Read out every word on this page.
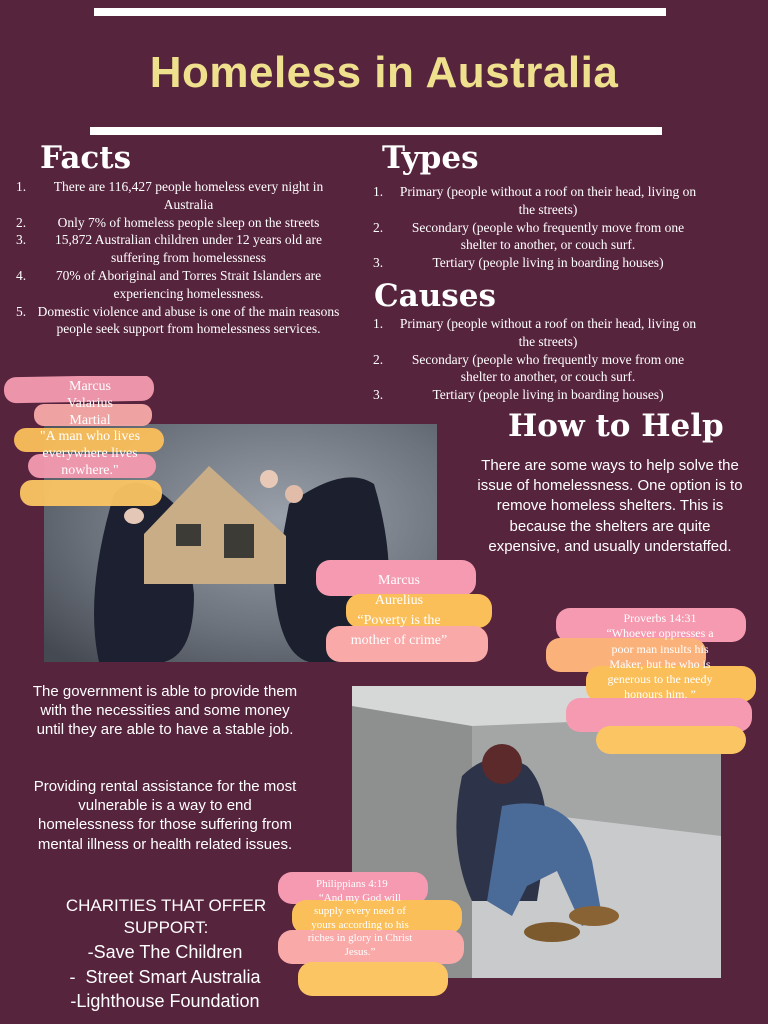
Homeless in Australia
Facts
1. There are 116,427 people homeless every night in Australia
2. Only 7% of homeless people sleep on the streets
3. 15,872 Australian children under 12 years old are suffering from homelessness
4. 70% of Aboriginal and Torres Strait Islanders are experiencing homelessness.
5. Domestic violence and abuse is one of the main reasons people seek support from homelessness services.
Types
1. Primary (people without a roof on their head, living on the streets)
2. Secondary (people who frequently move from one shelter to another, or couch surf.
3.	Tertiary (people living in boarding houses)
Causes
1. Primary (people without a roof on their head, living on the streets)
2. Secondary (people who frequently move from one shelter to another, or couch surf.
3.	Tertiary (people living in boarding houses)
How to Help
There are some ways to help solve the issue of homelessness. One option is to remove homeless shelters. This is because the shelters are quite expensive, and usually understaffed.
Marcus Valarius Martial
"A man who lives everywhere lives nowhere."
Marcus Aurelius
“Poverty is the mother of crime”
Proverbs 14:31
“Whoever oppresses a poor man insults his Maker, but he who is generous to the needy honours him. ”
Philippians 4:19
“And my God will supply every need of yours according to his riches in glory in Christ Jesus.”
The government is able to provide them with the necessities and some money until they are able to have a stable job.
Providing rental assistance for the most vulnerable is a way to end homelessness for those suffering from mental illness or health related issues.
CHARITIES THAT OFFER SUPPORT:
-Save The Children
-  Street Smart Australia
-Lighthouse Foundation
